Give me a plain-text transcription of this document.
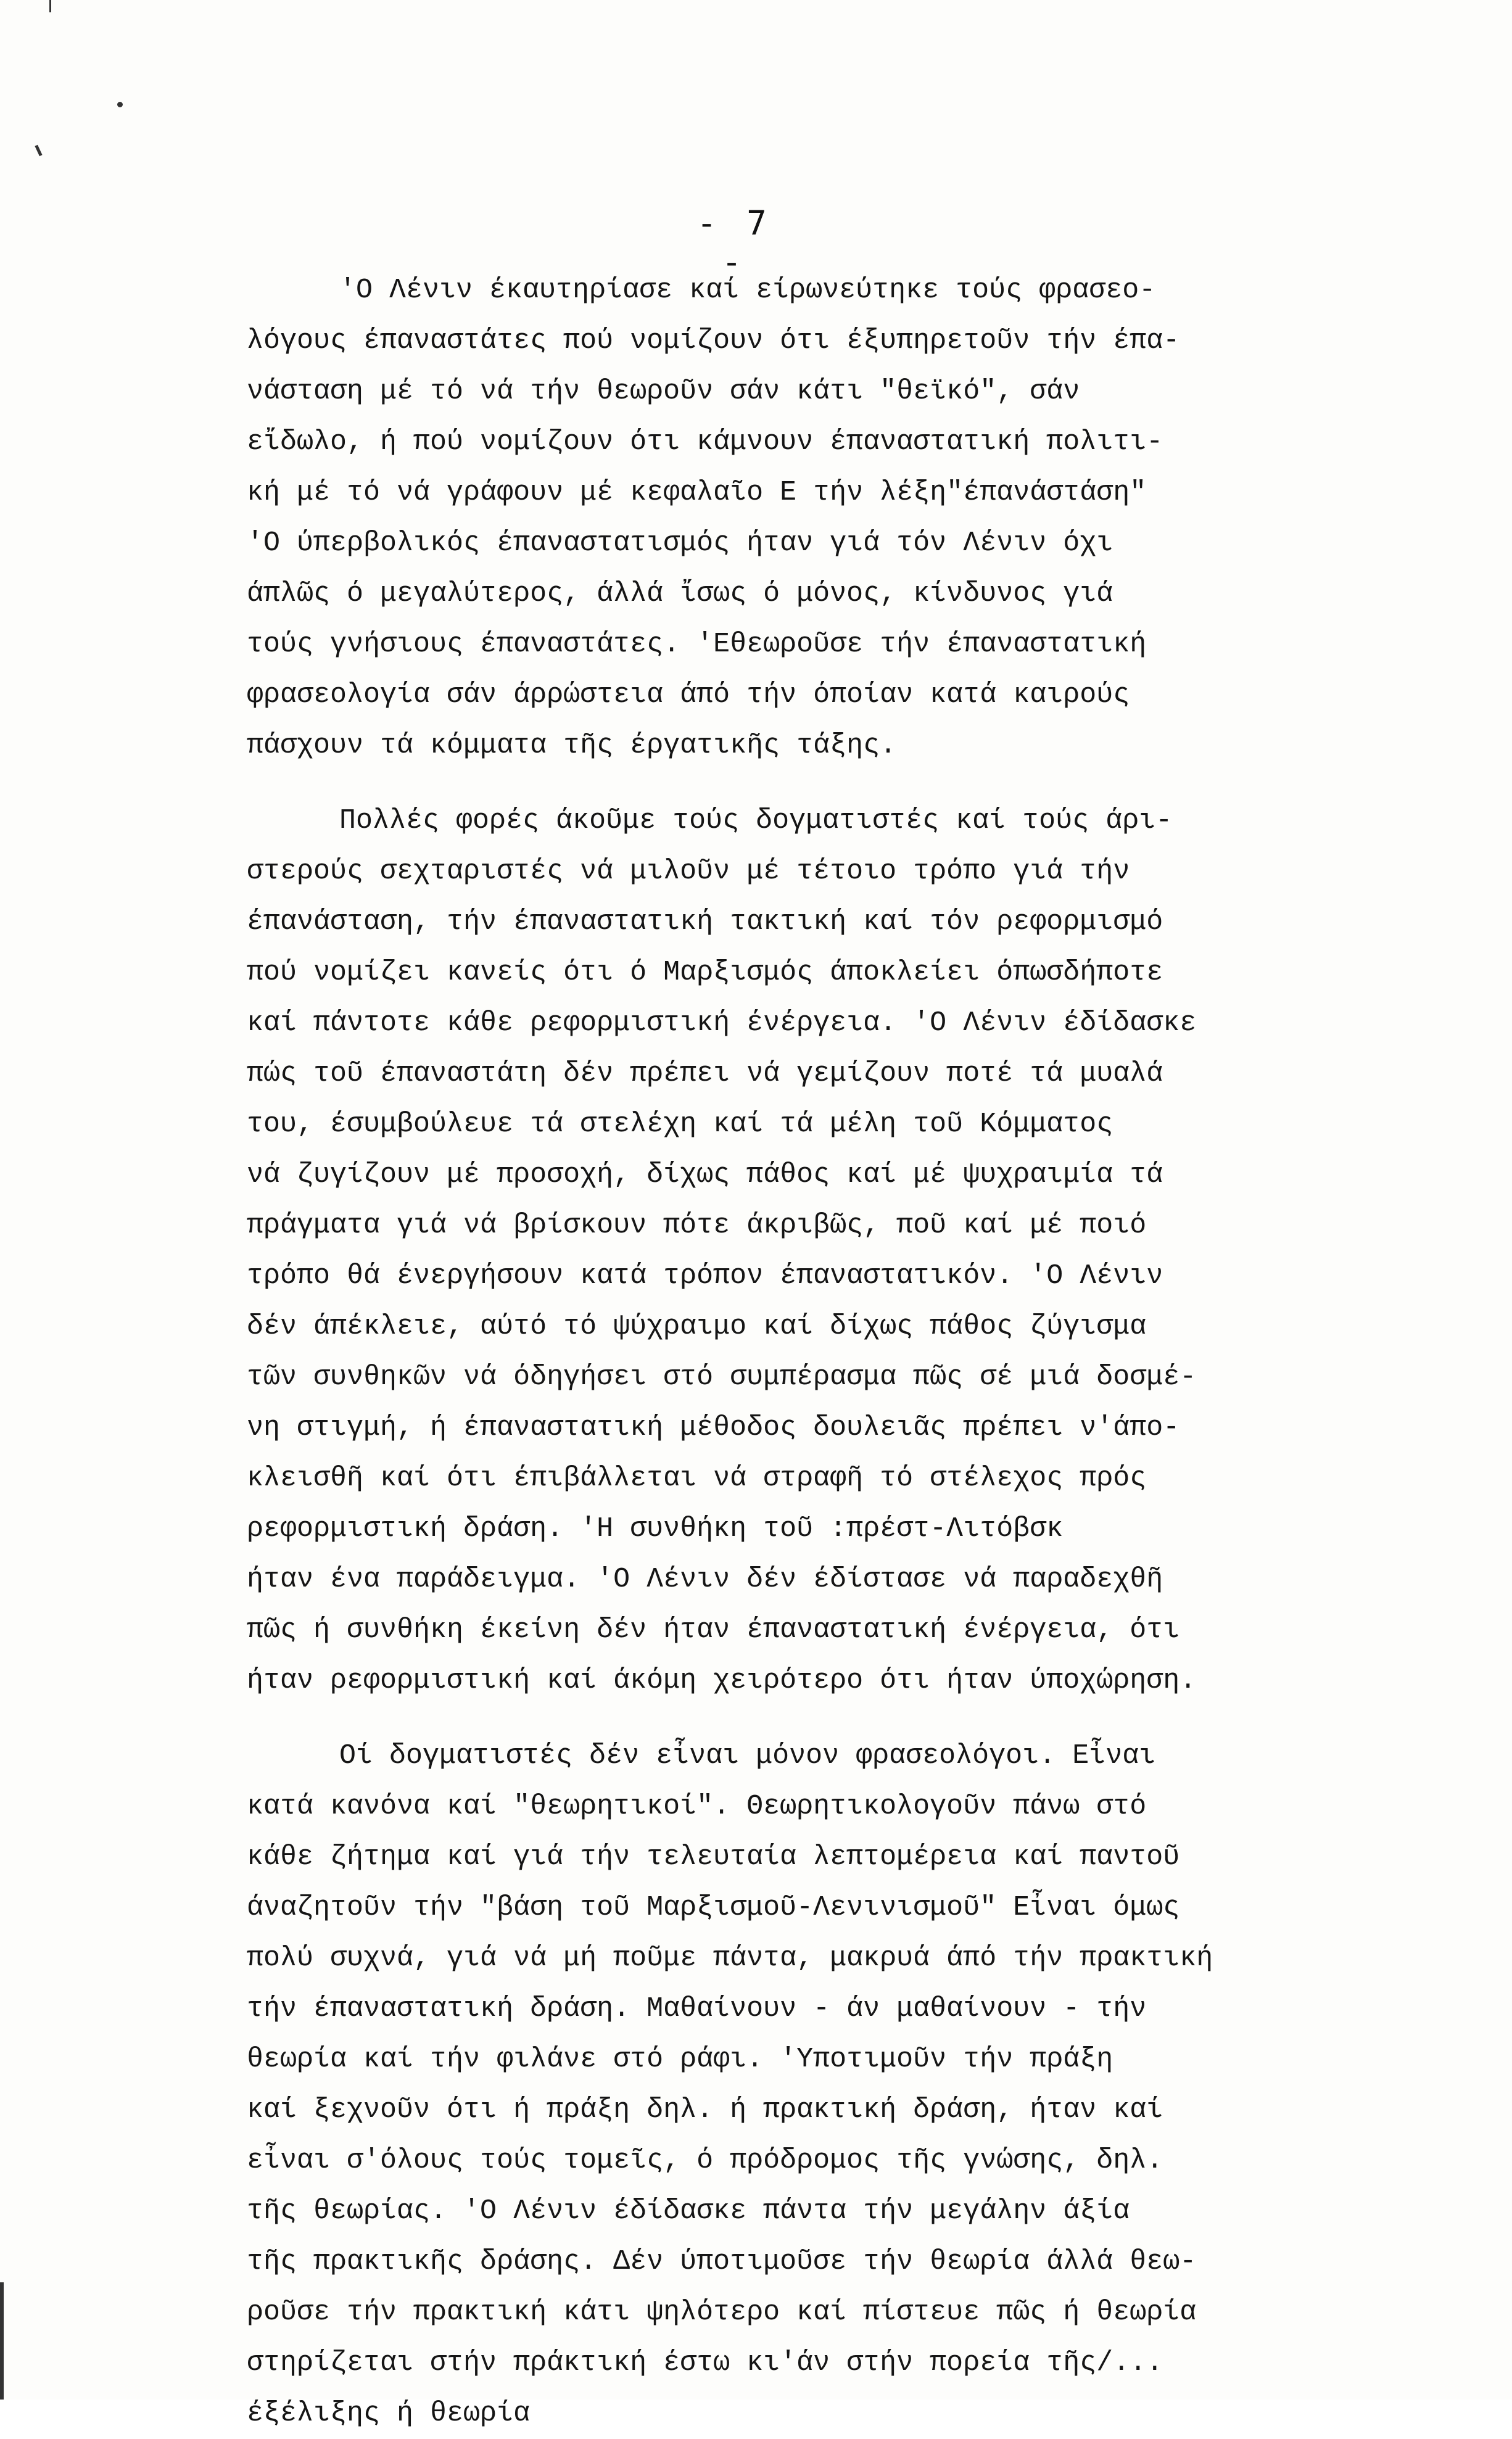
- 7 -
'Ο Λένιν έκαυτηρίασε καί είρωνεύτηκε τούς φρασεο-
λόγους έπαναστάτες πού νομίζουν ότι έξυπηρετοῦν τήν έπα-
νάσταση μέ τό νά τήν θεωροῦν σάν κάτι "θεϊκό", σάν
εἴδωλο, ή πού νομίζουν ότι κάμνουν έπαναστατική πολιτι-
κή μέ τό νά γράφουν μέ κεφαλαῖο Ε τήν λέξη"έπανάστάση"
'Ο ύπερβολικός έπαναστατισμός ήταν γιά τόν Λένιν όχι
άπλῶς ό μεγαλύτερος, άλλά ἴσως ό μόνος, κίνδυνος γιά
τούς γνήσιους έπαναστάτες. 'Εθεωροῦσε τήν έπαναστατική
φρασεολογία σάν άρρώστεια άπό τήν όποίαν κατά καιρούς
πάσχουν τά κόμματα τῆς έργατικῆς τάξης.
Πολλές φορές άκοῦμε τούς δογματιστές καί τούς άρι-
στερούς σεχταριστές νά μιλοῦν μέ τέτοιο τρόπο γιά τήν
έπανάσταση, τήν έπαναστατική τακτική καί τόν ρεφορμισμό
πού νομίζει κανείς ότι ό Μαρξισμός άποκλείει όπωσδήποτε
καί πάντοτε κάθε ρεφορμιστική ένέργεια. 'Ο Λένιν έδίδασκε
πώς τοῦ έπαναστάτη δέν πρέπει νά γεμίζουν ποτέ τά μυαλά
του, έσυμβούλευε τά στελέχη καί τά μέλη τοῦ Κόμματος
νά ζυγίζουν μέ προσοχή, δίχως πάθος καί μέ ψυχραιμία τά
πράγματα γιά νά βρίσκουν πότε άκριβῶς, ποῦ καί μέ ποιό
τρόπο θά ένεργήσουν κατά τρόπον έπαναστατικόν. 'Ο Λένιν
δέν άπέκλειε, αύτό τό ψύχραιμο καί δίχως πάθος ζύγισμα
τῶν συνθηκῶν νά όδηγήσει στό συμπέρασμα πῶς σέ μιά δοσμέ-
νη στιγμή, ή έπαναστατική μέθοδος δουλειᾶς πρέπει ν'άπο-
κλεισθῆ καί ότι έπιβάλλεται νά στραφῆ τό στέλεχος πρός
ρεφορμιστική δράση. 'Η συνθήκη τοῦ :πρέστ-Λιτόβσκ
ήταν ένα παράδειγμα. 'Ο Λένιν δέν έδίστασε νά παραδεχθῆ
πῶς ή συνθήκη έκείνη δέν ήταν έπαναστατική ένέργεια, ότι
ήταν ρεφορμιστική καί άκόμη χειρότερο ότι ήταν ύποχώρηση.
Οί δογματιστές δέν εἶναι μόνον φρασεολόγοι. Εἶναι
κατά κανόνα καί "θεωρητικοί". Θεωρητικολογοῦν πάνω στό
κάθε ζήτημα καί γιά τήν τελευταία λεπτομέρεια καί παντοῦ
άναζητοῦν τήν "βάση τοῦ Μαρξισμοῦ-Λενινισμοῦ" Εἶναι όμως
πολύ συχνά, γιά νά μή ποῦμε πάντα, μακρυά άπό τήν πρακτική
τήν έπαναστατική δράση. Μαθαίνουν - άν μαθαίνουν - τήν
θεωρία καί τήν φιλάνε στό ράφι. 'Υποτιμοῦν τήν πράξη
καί ξεχνοῦν ότι ή πράξη δηλ. ή πρακτική δράση, ήταν καί
εἶναι σ'όλους τούς τομεῖς, ό πρόδρομος τῆς γνώσης, δηλ.
τῆς θεωρίας. 'Ο Λένιν έδίδασκε πάντα τήν μεγάλην άξία
τῆς πρακτικῆς δράσης. Δέν ύποτιμοῦσε τήν θεωρία άλλά θεω-
ροῦσε τήν πρακτική κάτι ψηλότερο καί πίστευε πῶς ή θεωρία
στηρίζεται στήν πράκτική έστω κι'άν στήν πορεία τῆς/...
έξέλιξης ή θεωρία
